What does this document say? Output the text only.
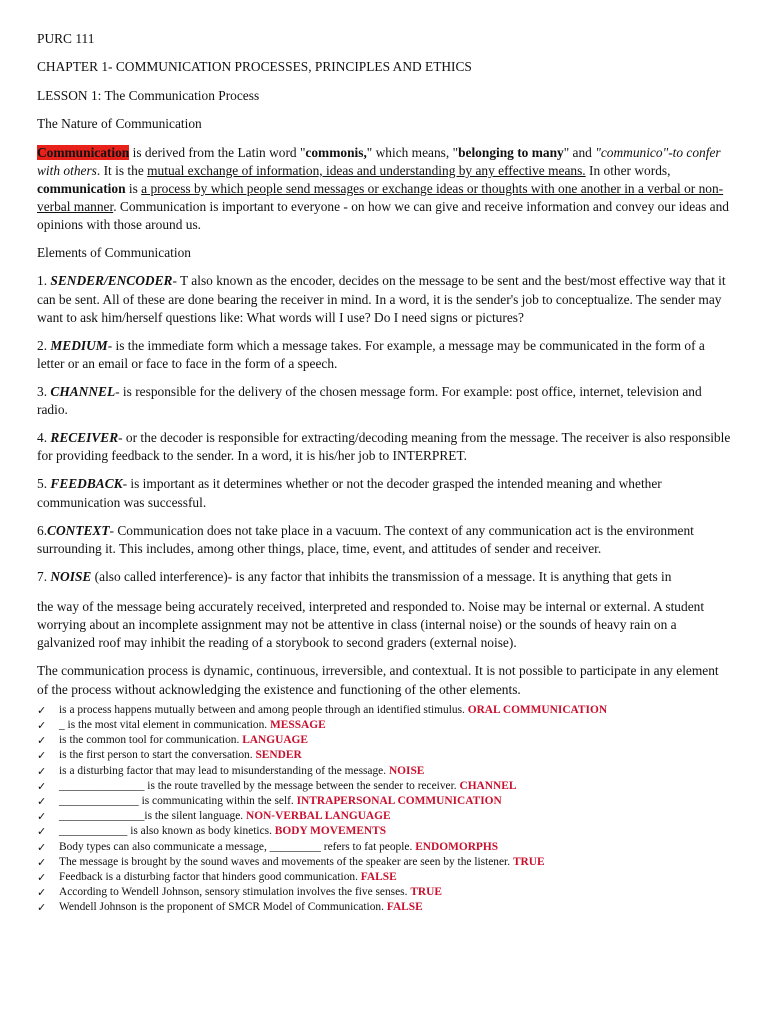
PURC 111

CHAPTER 1- COMMUNICATION PROCESSES, PRINCIPLES AND ETHICS

LESSON 1: The Communication Process

The Nature of Communication

Communication is derived from the Latin word "commonis," which means, "belonging to many" and "communico"-to confer with others. It is the mutual exchange of information, ideas and understanding by any effective means. In other words, communication is a process by which people send messages or exchange ideas or thoughts with one another in a verbal or non-verbal manner. Communication is important to everyone - on how we can give and receive information and convey our ideas and opinions with those around us.

Elements of Communication

1. SENDER/ENCODER- T also known as the encoder, decides on the message to be sent and the best/most effective way that it can be sent. All of these are done bearing the receiver in mind. In a word, it is the sender's job to conceptualize. The sender may want to ask him/herself questions like: What words will I use? Do I need signs or pictures?

2. MEDIUM- is the immediate form which a message takes. For example, a message may be communicated in the form of a letter or an email or face to face in the form of a speech.

3. CHANNEL- is responsible for the delivery of the chosen message form. For example: post office, internet, television and radio.

4. RECEIVER- or the decoder is responsible for extracting/decoding meaning from the message. The receiver is also responsible for providing feedback to the sender. In a word, it is his/her job to INTERPRET.

5. FEEDBACK- is important as it determines whether or not the decoder grasped the intended meaning and whether communication was successful.

6.CONTEXT- Communication does not take place in a vacuum. The context of any communication act is the environment surrounding it. This includes, among other things, place, time, event, and attitudes of sender and receiver.

7. NOISE (also called interference)- is any factor that inhibits the transmission of a message. It is anything that gets in

the way of the message being accurately received, interpreted and responded to. Noise may be internal or external. A student worrying about an incomplete assignment may not be attentive in class (internal noise) or the sounds of heavy rain on a galvanized roof may inhibit the reading of a storybook to second graders (external noise).

The communication process is dynamic, continuous, irreversible, and contextual. It is not possible to participate in any element of the process without acknowledging the existence and functioning of the other elements.

✓ is a process happens mutually between and among people through an identified stimulus. ORAL COMMUNICATION
✓ _ is the most vital element in communication. MESSAGE
✓ is the common tool for communication. LANGUAGE
✓ is the first person to start the conversation. SENDER
✓ is a disturbing factor that may lead to misunderstanding of the message. NOISE
✓ _______________ is the route travelled by the message between the sender to receiver. CHANNEL
✓ ______________ is communicating within the self. INTRAPERSONAL COMMUNICATION
✓ _______________is the silent language. NON-VERBAL LANGUAGE
✓ ____________ is also known as body kinetics. BODY MOVEMENTS
✓ Body types can also communicate a message, _________ refers to fat people. ENDOMORPHS
✓ The message is brought by the sound waves and movements of the speaker are seen by the listener. TRUE
✓ Feedback is a disturbing factor that hinders good communication. FALSE
✓ According to Wendell Johnson, sensory stimulation involves the five senses. TRUE
✓ Wendell Johnson is the proponent of SMCR Model of Communication. FALSE
